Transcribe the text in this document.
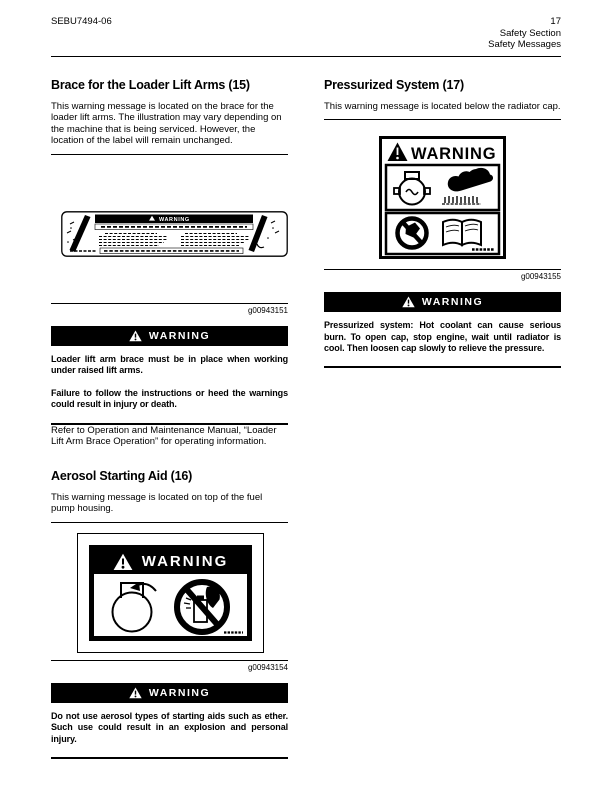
SEBU7494-06	17
Safety Section
Safety Messages
Brace for the Loader Lift Arms (15)

This warning message is located on the brace for the loader lift arms. The illustration may vary depending on the machine that is being serviced. However, the location of the label will remain unchanged.

WARNING
g00943151
WARNING

Loader lift arm brace must be in place when working under raised lift arms.

Failure to follow the instructions or heed the warnings could result in injury or death.

Refer to Operation and Maintenance Manual, “Loader Lift Arm Brace Operation” for operating information.

Aerosol Starting Aid (16)

This warning message is located on top of the fuel pump housing.

WARNING
g00943154
WARNING

Do not use aerosol types of starting aids such as ether. Such use could result in an explosion and personal injury.

Pressurized System (17)

This warning message is located below the radiator cap.

WARNING
g00943155
WARNING

Pressurized system: Hot coolant can cause serious burn. To open cap, stop engine, wait until radiator is cool. Then loosen cap slowly to relieve the pressure.
